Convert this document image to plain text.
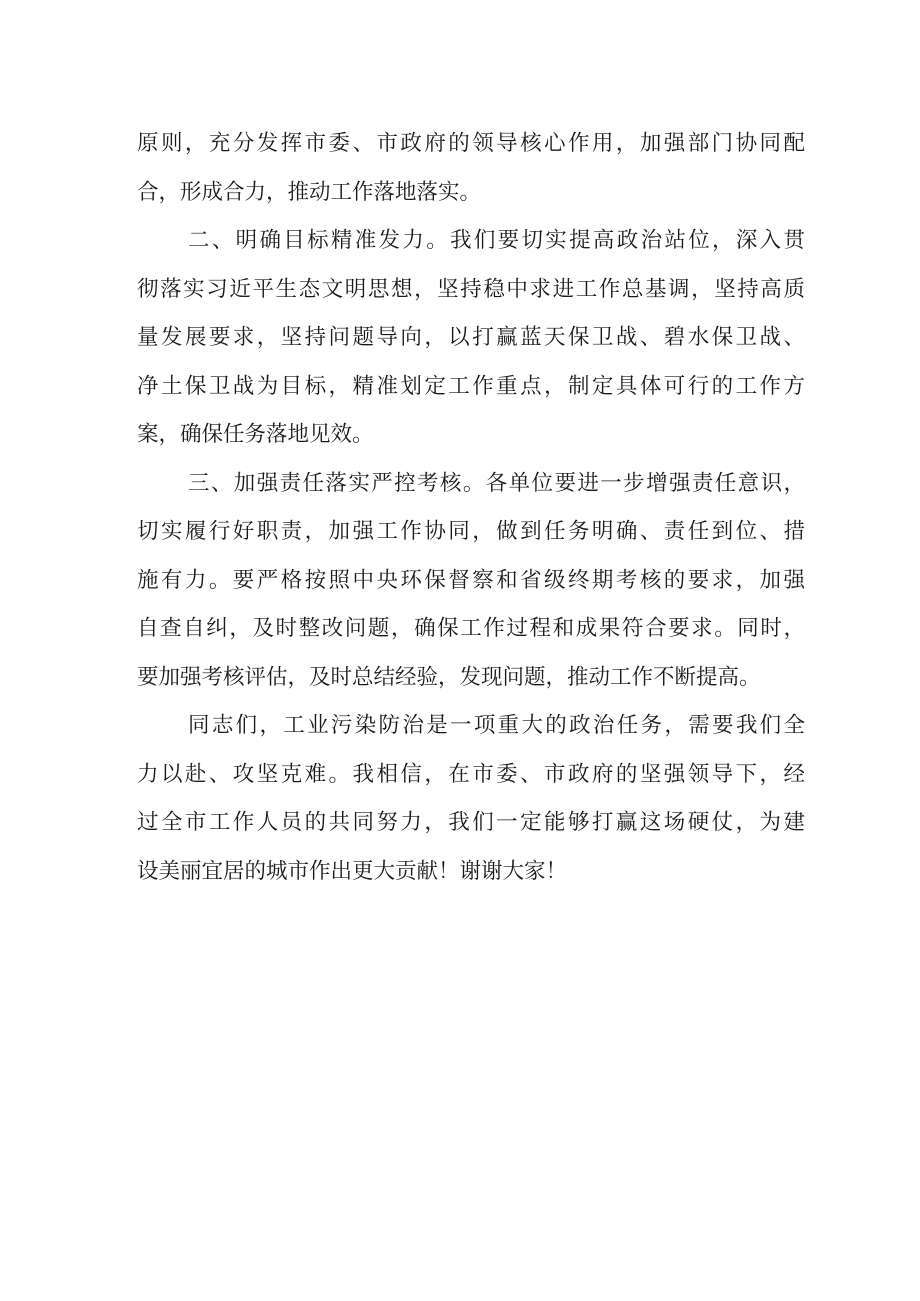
原则，充分发挥市委、市政府的领导核心作用，加强部门协同配
合，形成合力，推动工作落地落实。
二、明确目标精准发力。我们要切实提高政治站位，深入贯
彻落实习近平生态文明思想，坚持稳中求进工作总基调，坚持高质
量发展要求，坚持问题导向，以打赢蓝天保卫战、碧水保卫战、
净土保卫战为目标，精准划定工作重点，制定具体可行的工作方
案，确保任务落地见效。
三、加强责任落实严控考核。各单位要进一步增强责任意识，
切实履行好职责，加强工作协同，做到任务明确、责任到位、措
施有力。要严格按照中央环保督察和省级终期考核的要求，加强
自查自纠，及时整改问题，确保工作过程和成果符合要求。同时，
要加强考核评估，及时总结经验，发现问题，推动工作不断提高。
同志们，工业污染防治是一项重大的政治任务，需要我们全
力以赴、攻坚克难。我相信，在市委、市政府的坚强领导下，经
过全市工作人员的共同努力，我们一定能够打赢这场硬仗，为建
设美丽宜居的城市作出更大贡献！谢谢大家！
